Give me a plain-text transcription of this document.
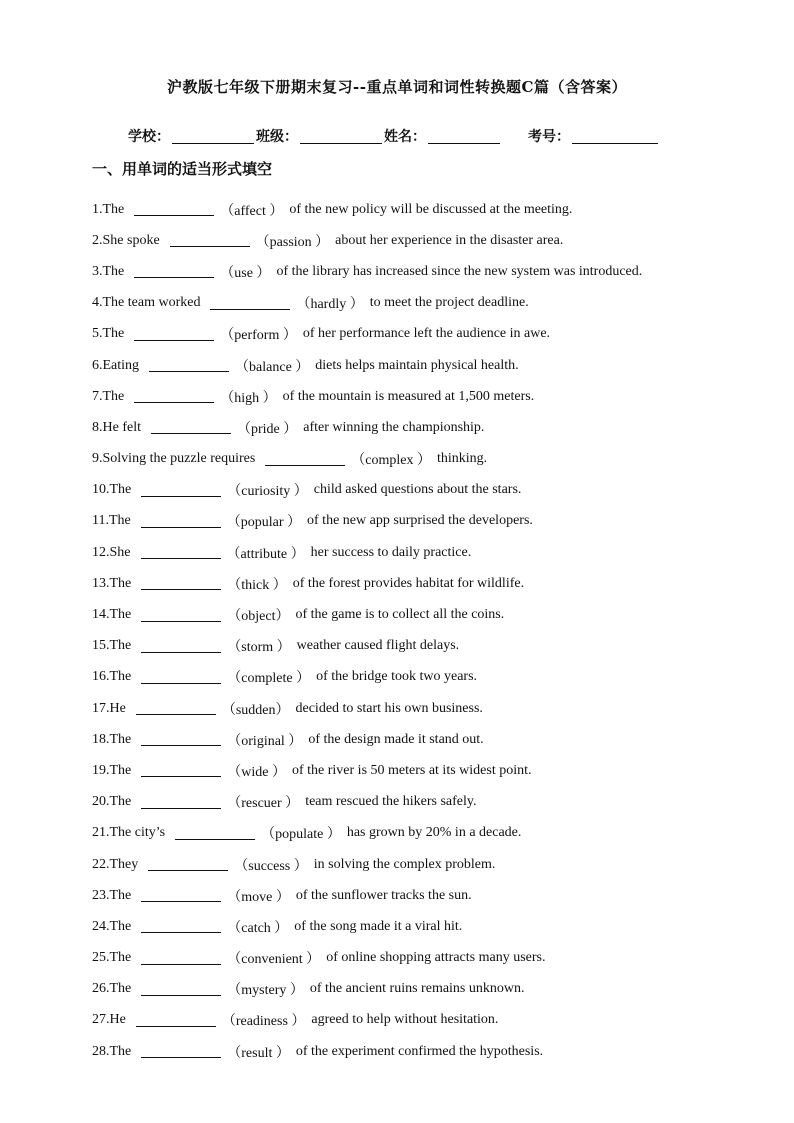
沪教版七年级下册期末复习--重点单词和词性转换题C篇（含答案）
学校：	班级：	姓名：	考号：
一、用单词的适当形式填空
1.The	（affect ） of the new policy will be discussed at the meeting.
2.She spoke	（passion ） about her experience in the disaster area.
3.The	（use ） of the library has increased since the new system was introduced.
4.The team worked	（hardly ） to meet the project deadline.
5.The	（perform ） of her performance left the audience in awe.
6.Eating	（balance ） diets helps maintain physical health.
7.The	（high ） of the mountain is measured at 1,500 meters.
8.He felt	（pride ） after winning the championship.
9.Solving the puzzle requires	（complex ） thinking.
10.The	（curiosity ） child asked questions about the stars.
11.The	（popular ） of the new app surprised the developers.
12.She	（attribute ） her success to daily practice.
13.The	（thick ） of the forest provides habitat for wildlife.
14.The	（object） of the game is to collect all the coins.
15.The	（storm ） weather caused flight delays.
16.The	（complete ） of the bridge took two years.
17.He	（sudden） decided to start his own business.
18.The	（original ） of the design made it stand out.
19.The	（wide ） of the river is 50 meters at its widest point.
20.The	（rescuer ） team rescued the hikers safely.
21.The city’s	（populate ） has grown by 20% in a decade.
22.They	（success ） in solving the complex problem.
23.The	（move ） of the sunflower tracks the sun.
24.The	（catch ） of the song made it a viral hit.
25.The	（convenient ） of online shopping attracts many users.
26.The	（mystery ） of the ancient ruins remains unknown.
27.He	（readiness ） agreed to help without hesitation.
28.The	（result ） of the experiment confirmed the hypothesis.
